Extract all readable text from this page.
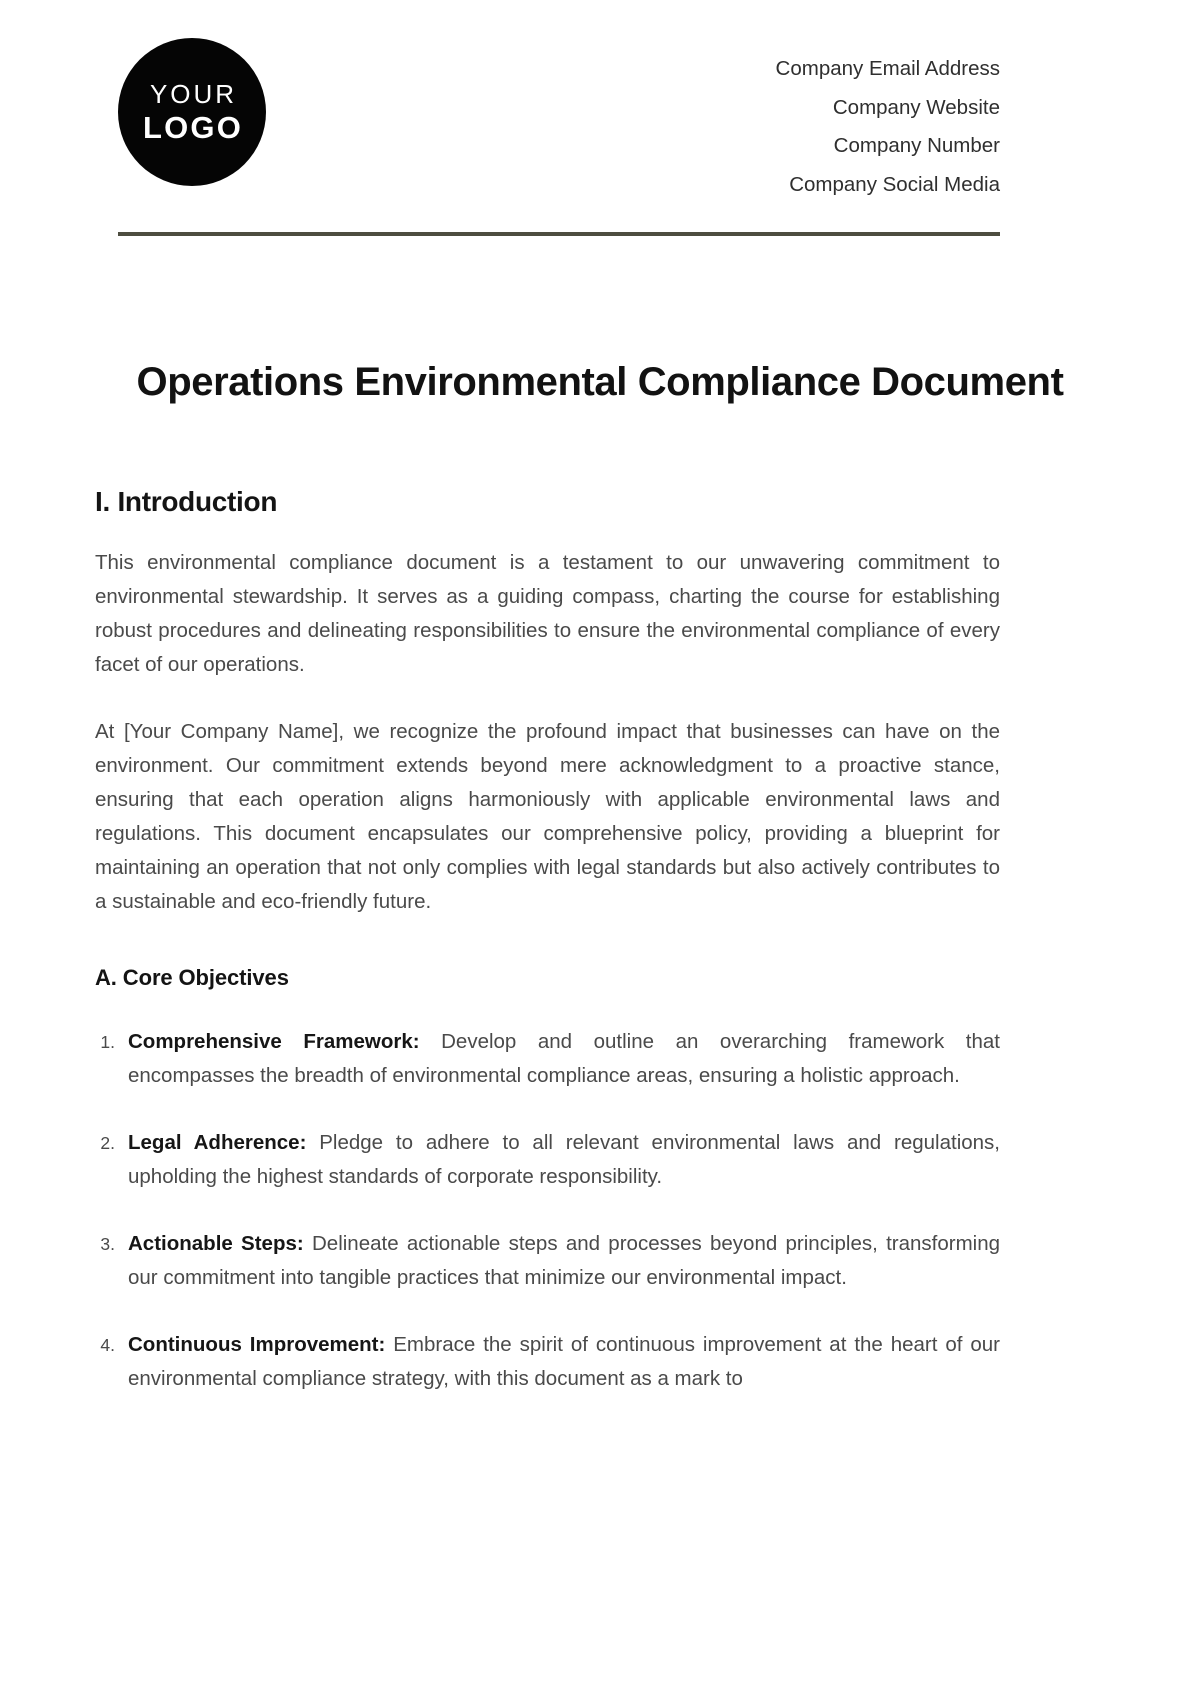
YOUR
LOGO
Company Email Address
Company Website
Company Number
Company Social Media
Operations Environmental Compliance Document
I. Introduction

This environmental compliance document is a testament to our unwavering commitment to environmental stewardship. It serves as a guiding compass, charting the course for establishing robust procedures and delineating responsibilities to ensure the environmental compliance of every facet of our operations.

At [Your Company Name], we recognize the profound impact that businesses can have on the environment. Our commitment extends beyond mere acknowledgment to a proactive stance, ensuring that each operation aligns harmoniously with applicable environmental laws and regulations. This document encapsulates our comprehensive policy, providing a blueprint for maintaining an operation that not only complies with legal standards but also actively contributes to a sustainable and eco-friendly future.

A. Core Objectives
Comprehensive Framework: Develop and outline an overarching framework that encompasses the breadth of environmental compliance areas, ensuring a holistic approach.
Legal Adherence: Pledge to adhere to all relevant environmental laws and regulations, upholding the highest standards of corporate responsibility.
Actionable Steps: Delineate actionable steps and processes beyond principles, transforming our commitment into tangible practices that minimize our environmental impact.
Continuous Improvement: Embrace the spirit of continuous improvement at the heart of our environmental compliance strategy, with this document as a mark to
